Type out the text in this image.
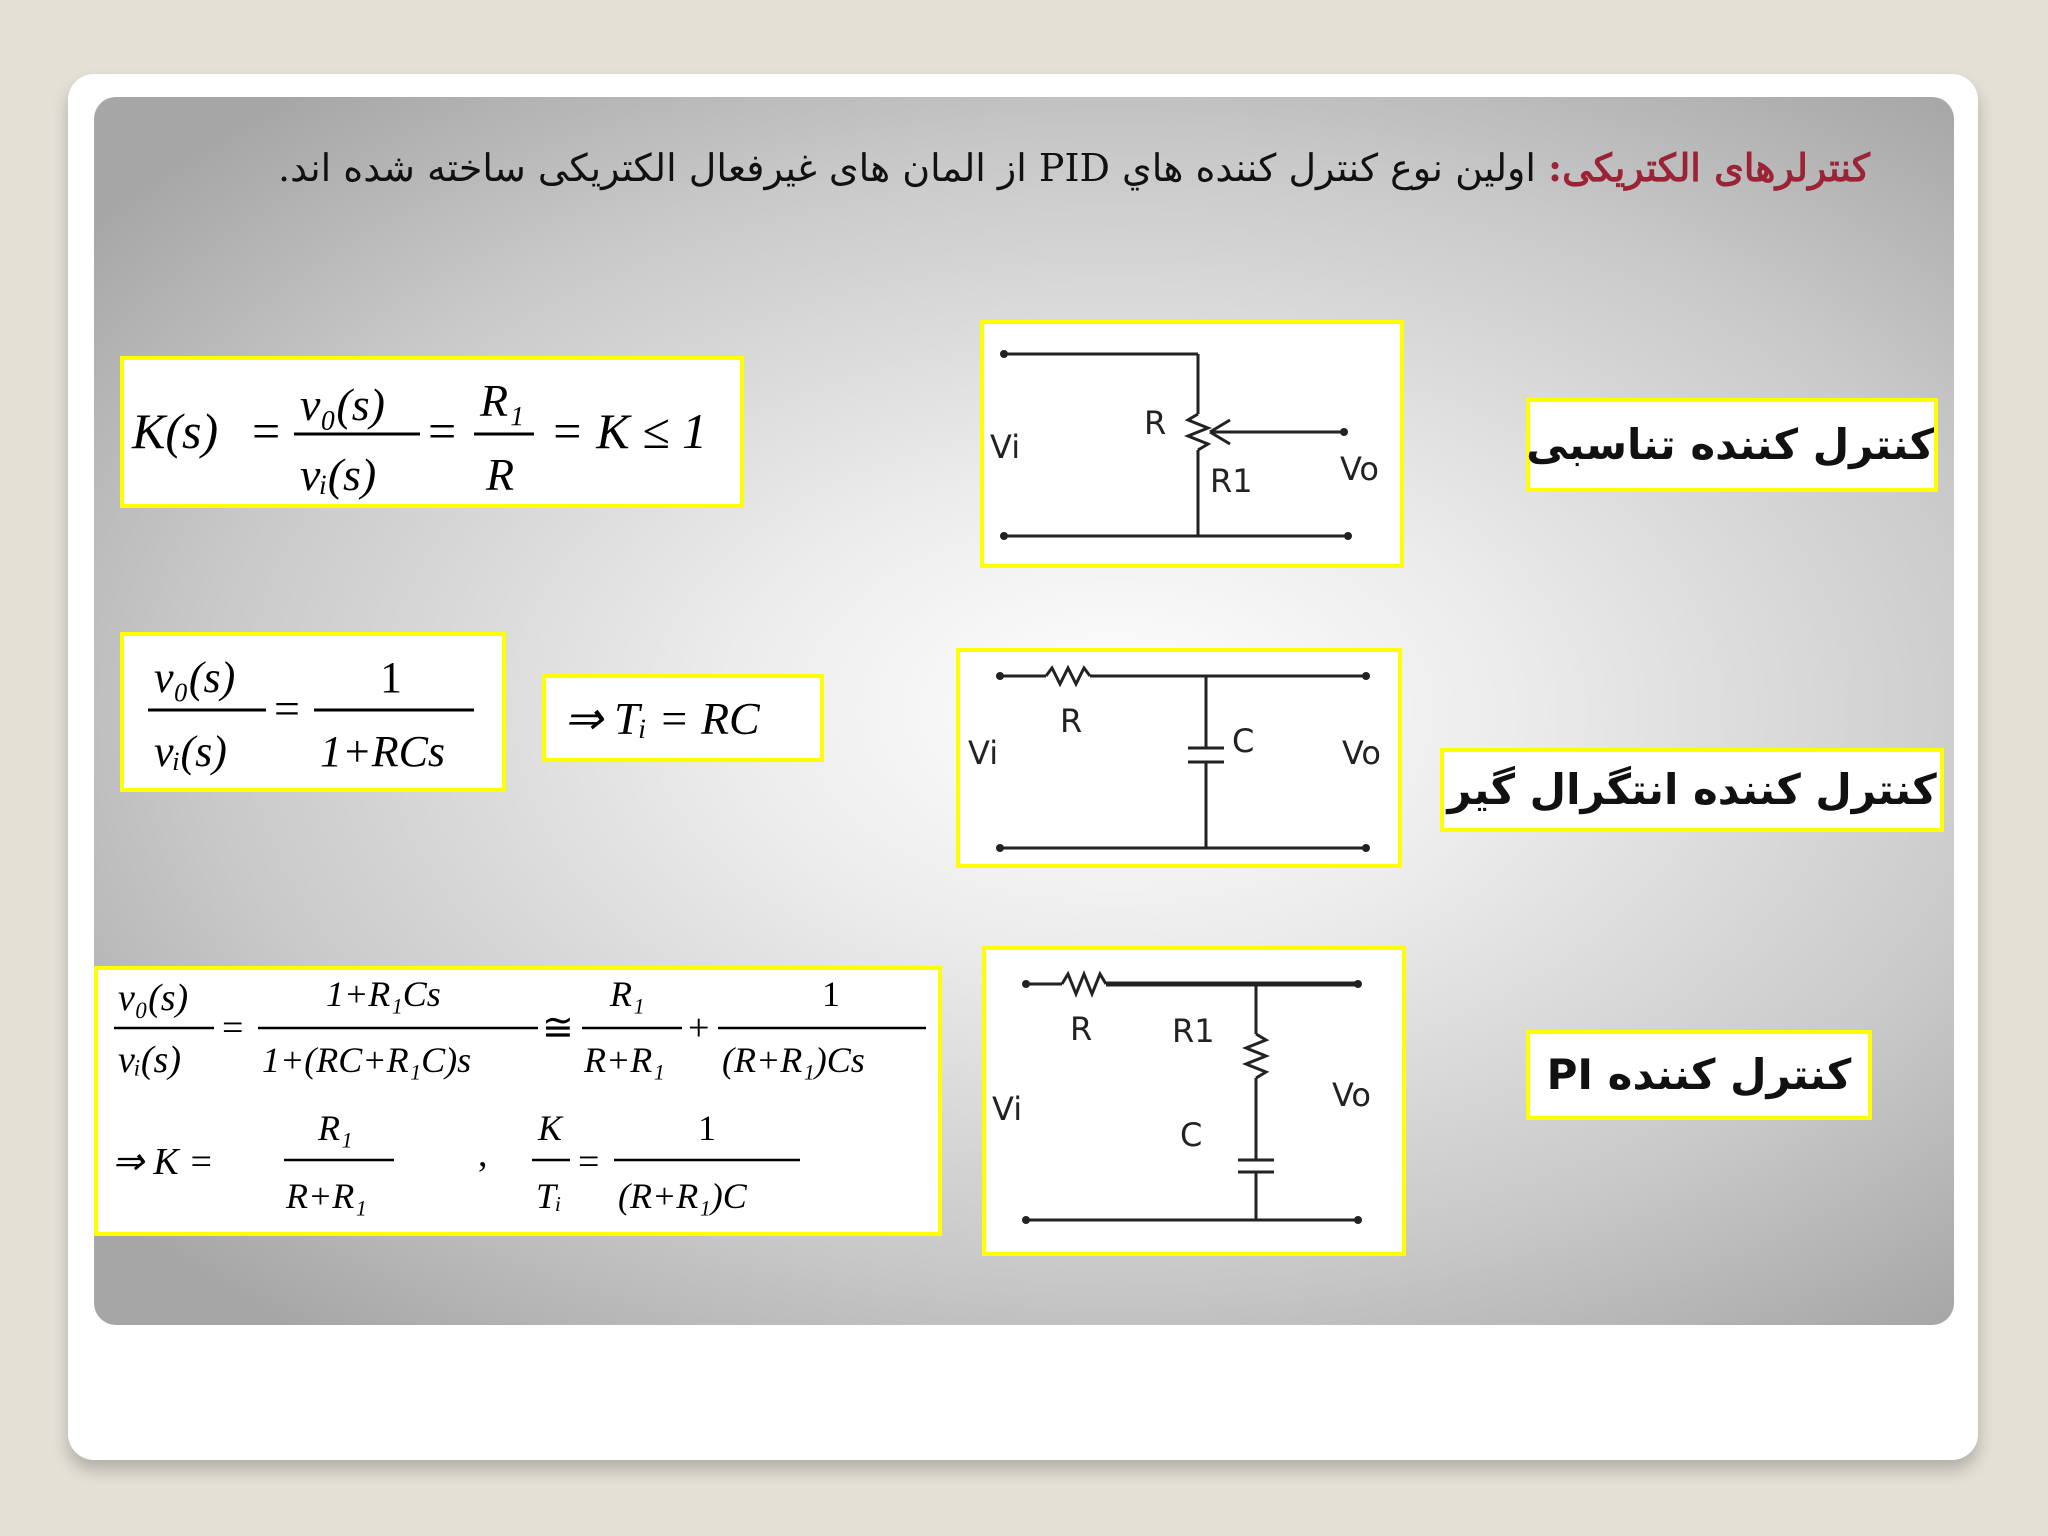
کنترلرهای الکتریکی: اولین نوع کنترل کننده هاي PID از المان های غیرفعال الکتریکی ساخته شده اند.
K(s) = v₀(s)
vᵢ(s)
=
R₁
R
= K ≤ 1	Vi
R
R1	Vo	کنترل کننده تناسبی
v₀(s)
vᵢ(s)
=
1
1+RCs
⇒ Tᵢ = RC
Vi
R
C	Vo
کنترل کننده انتگرال گیر
v₀(s)
vᵢ(s)
=
1+R₁Cs
1+(RC+R₁C)s
≅
R₁
R+R₁
+
1
(R+R₁)Cs
⇒ K =
R₁
R+R₁
,
K
Tᵢ
=
1
(R+R₁)C
R R1
Vi
C
Vo	کنترل کننده PI
